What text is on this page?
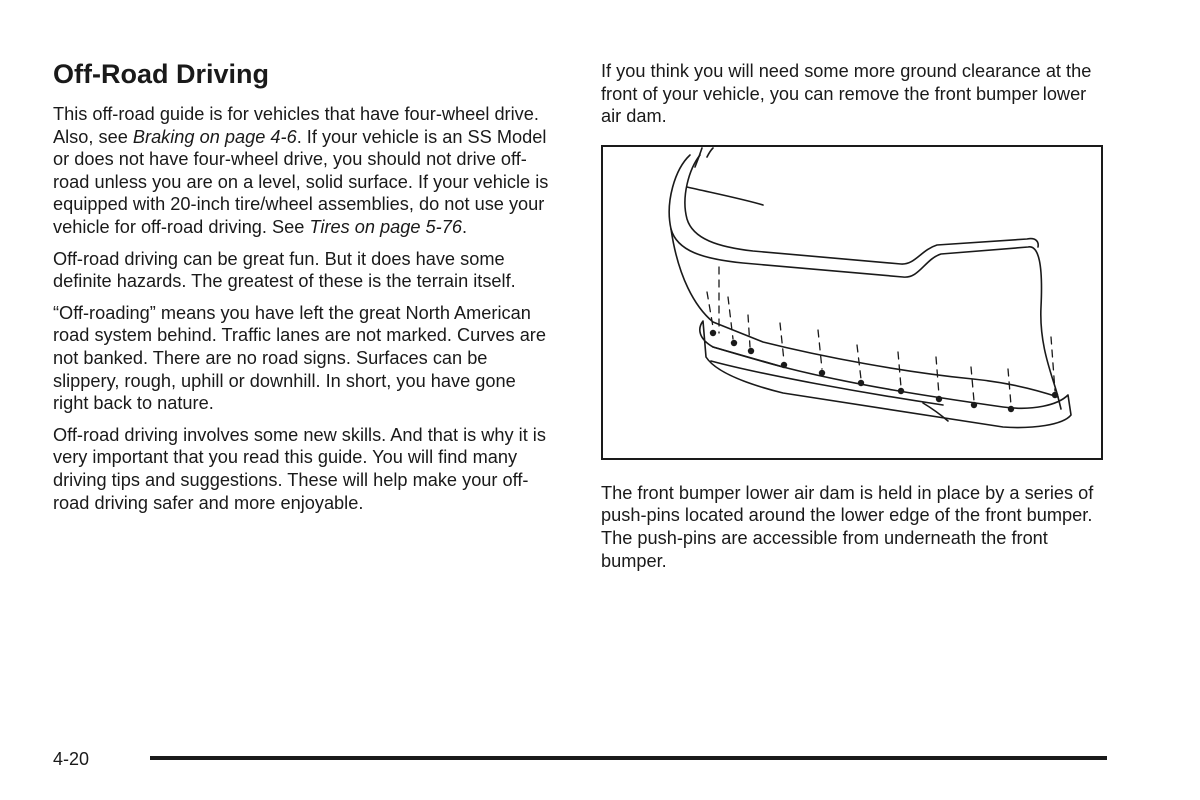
Off-Road Driving

This off-road guide is for vehicles that have four-wheel drive. Also, see Braking on page 4-6. If your vehicle is an SS Model or does not have four-wheel drive, you should not drive off-road unless you are on a level, solid surface. If your vehicle is equipped with 20-inch tire/wheel assemblies, do not use your vehicle for off-road driving. See Tires on page 5-76.

Off-road driving can be great fun. But it does have some definite hazards. The greatest of these is the terrain itself.

“Off-roading” means you have left the great North American road system behind. Traffic lanes are not marked. Curves are not banked. There are no road signs. Surfaces can be slippery, rough, uphill or downhill. In short, you have gone right back to nature.

Off-road driving involves some new skills. And that is why it is very important that you read this guide. You will find many driving tips and suggestions. These will help make your off-road driving safer and more enjoyable.

If you think you will need some more ground clearance at the front of your vehicle, you can remove the front bumper lower air dam.

The front bumper lower air dam is held in place by a series of push-pins located around the lower edge of the front bumper. The push-pins are accessible from underneath the front bumper.

4-20
